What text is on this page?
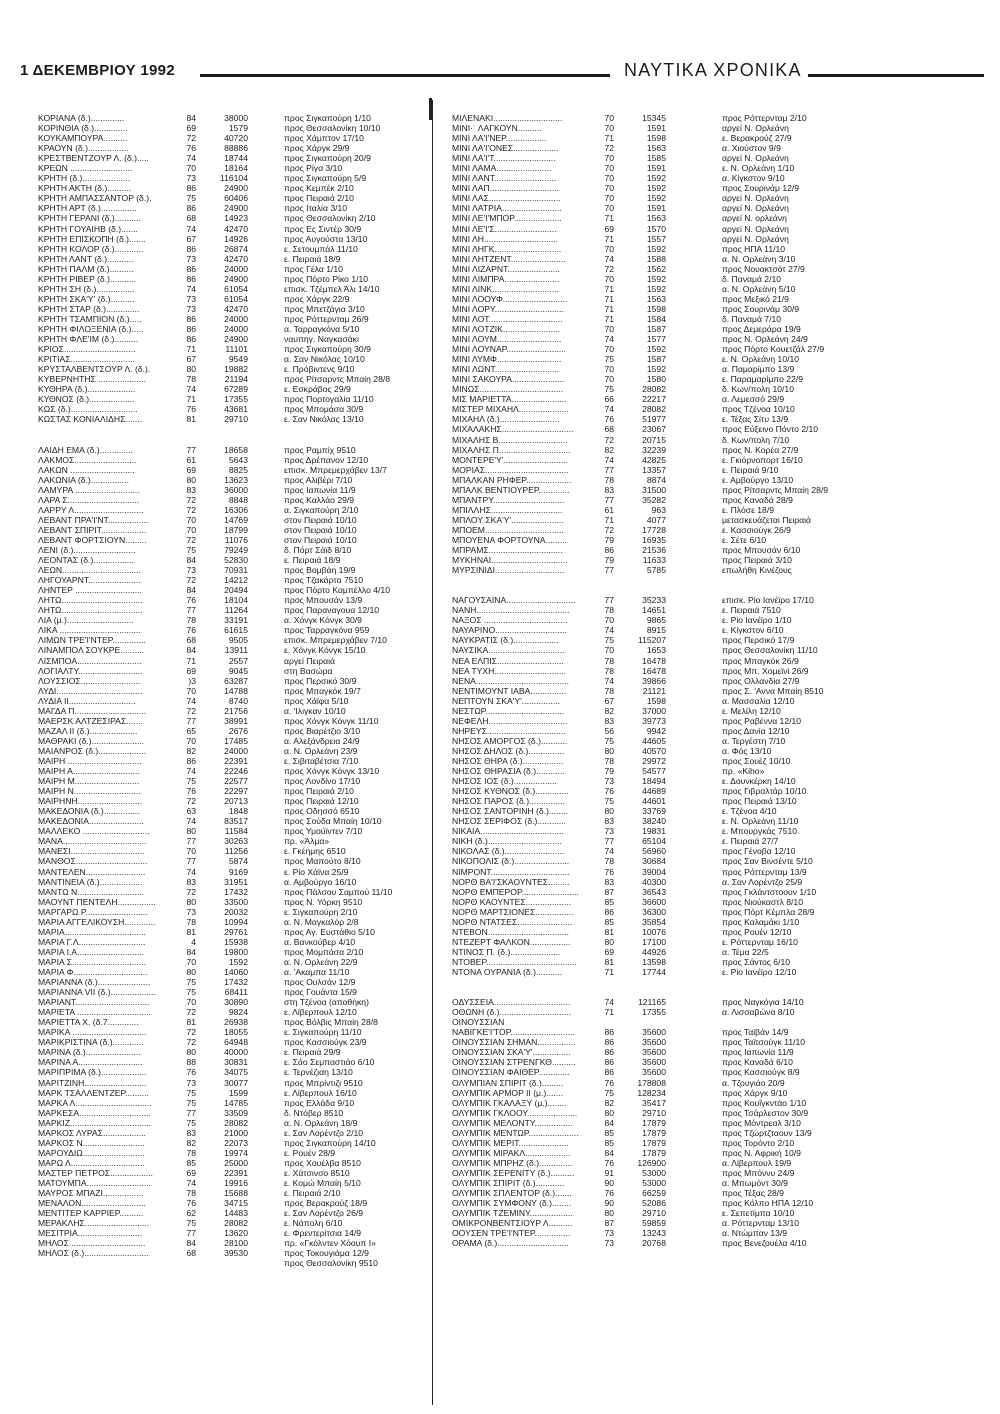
1 ΔΕΚΕΜΒΡΙΟΥ 1992	ΝΑΥΤΙΚΑ ΧΡΟΝΙΚΑ
ΚΟΡΙΑΝΑ (δ.)..............	84	38000	προς Σιγκαπούρη 1/10
ΚΟΡΙΝΘΙΑ (δ.)..............	69	1579	προς Θεσσαλονίκη 10/10
ΚΟΥΚΑΜΠΟΥΡΑ..........	72	40720	προς Χάμπτον 17/10
ΚΡΑΟΥΝ (δ.).................	76	88886	προς Χάργκ 29/9
ΚΡΕΣΤΒΕΝΤΖΟΥΡ Λ. (δ.).....	74	18744	προς Σιγκαπούρη 20/9
ΚΡΕΩΝ ..........................	70	18164	προς Ρίγα 3/10
ΚΡΗΤΗ (δ.)....................	73	116104	προς Σιγκαπούρη 5/9
ΚΡΗΤΗ ΑΚΤΗ (δ.)..........	86	24900	προς Κεμπέκ 2/10
ΚΡΗΤΗ ΑΜΠΑΣΣΑΝΤΟΡ (δ.).	75	60406	προς Πειραιά 2/10
ΚΡΗΤΗ ΑΡΤ (δ.)...............	86	24900	προς Ιταλία 3/10
ΚΡΗΤΗ ΓΕΡΑΝΙ (δ.)...........	68	14923	προς Θεσσαλονίκη 2/10
ΚΡΗΤΗ ΓΟΥΑΙΗΒ (δ.).......	74	42470	προς Ες Σιντέρ 30/9
ΚΡΗΤΗ ΕΠΙΣΚΟΠΗ (δ.).......	67	14926	προς Αυγούστα 13/10
ΚΡΗΤΗ ΚΟΛΟΡ (δ.)............	86	26874	ε. Σετουμπάλ 11/10
ΚΡΗΤΗ ΛΑΝΤ (δ.)...........	73	42470	ε. Πειραιά 18/9
ΚΡΗΤΗ ΠΑΛΜ (δ.)..........	86	24000	προς Γέλα 1/10
ΚΡΗΤΗ ΡΙΒΕΡ (δ.)...........	86	24900	προς Πόρτο Ρίκο 1/10
ΚΡΗΤΗ ΣΗ (δ.)................	74	61054	επισκ. Τζέμπελ Άλι 14/10
ΚΡΗΤΗ ΣΚΑ'Υ' (δ.)..........	73	61054	προς Χάργκ 22/9
ΚΡΗΤΗ ΣΤΑΡ (δ.)..............	73	42470	προς Μπετζάγια 3/10
ΚΡΗΤΗ ΤΣΑΜΠΙΟΝ (δ.).....	86	24000	προς Ρόττερνταμ 26/9
ΚΡΗΤΗ ΦΙΛΟΞΕΝΙΑ (δ.).....	86	24000	α. Ταρραγκόνα 5/10
ΚΡΗΤΗ ΦΛΕ'ΙΜ (δ.)..........	86	24900	ναυπηγ. Ναγκασάκι
ΚΡΙΟΣ..............................	71	11101	προς Σιγκαπούρη 30/9
ΚΡΙΤΙΑΣ...........................	67	9549	α. Σαν Νικόλας 10/10
ΚΡΥΣΤΑΛΒΕΝΤΣΟΥΡ Λ. (δ.).	80	19882	ε. Πρόβιντενς 9/10
ΚΥΒΕΡΝΗΤΗΣ ....................	78	21194	προς Ρίτσαρντς Μπαίη 28/8
ΚΥΘΗΡΑ (δ.)....................	74	67289	ε. Εσκράβος 29/9
ΚΥΘΝΟΣ (δ.)...................	71	17355	προς Πορτογαλία 11/10
ΚΩΣ (δ.)............................	76	43681	προς Μπομάσα 30/9
ΚΩΣΤΑΣ ΚΟΝΙΑΛΙΔΗΣ.......	81	29710	ε. Σαν Νικόλας 13/10
ΛΑΙΔΗ ΕΜΑ (δ.)..............	77	18658	προς Ραμπίχ 9510
ΛΑΚΜΟΣ..........................	61	5643	προς Δρέπανον 12/10
ΛΑΚΩΝ ...........................	69	8825	επισκ. Μπρεμερχάβεν 13/7
ΛΑΚΩΝΙΑ (δ.)................	80	13623	προς Αλιβέρι 7/10
ΛΑΜΥΡΑ ...........................	83	36000	προς Ιαπωνία 11/9
ΛΑΡΑ Σ..............................	72	8848	προς Καλλάο 29/9
ΛΑΡΡΥ Λ.............................	72	16306	α. Σιγκαπούρη 2/10
ΛΕΒΑΝΤ ΠΡΑ'Ι'ΝΤ.................	70	14769	στον Πειραιά 10/10
ΛΕΒΑΝΤ ΣΠΙΡΙΤ...................	70	18799	στον Πειραιά 10/10
ΛΕΒΑΝΤ ΦΟΡΤΣΙΟΥΝ.........	72	11076	στον Πειραιά 10/10
ΛΕΝΙ (δ.)..........................	75	79249	δ. Πόρτ Σάϊδ 8/10
ΛΕΟΝΤΑΣ (δ.).................	84	52830	ε. Πειραιά 18/9
ΛΕΩΝ.................................	73	70931	προς Βομβάη 19/9
ΛΗΓΟΥΑΡΝΤ......................	72	14212	προς Τζακάρτα 7510
ΛΗΝΤΕΡ ............................	84	20494	προς Πόρτο Καμπέλλο 4/10
ΛΗΤΩ..................................	76	18104	προς Μπουσάν 13/9
ΛΗΤΩ..................................	77	11264	προς Παραναγουα 12/10
ΛΙΑ (μ.)............................	78	33191	α. Χόνγκ Κόνγκ 30/9
ΛΙΚΑ ..................................	76	61615	προς Ταρραγκόνα 959
ΛΙΜΩΝ ΤΡΕ'Ι'ΝΤΕΡ..............	68	9505	επισκ. Μπρεμερχάβεν 7/10
ΛΙΝΑΜΠΟΛ ΣΟΥΚΡΕ..........	84	13911	ε. Χόνγκ Κόνγκ 15/10
ΛΙΣΜΠΟΑ...........................	71	2557	αργεί Πειραιά
ΛΟΓΙΑΛΤΥ...........................	69	9045	στη Βασώρα
ΛΟΥΣΣΙΟΣ.........................	)3	63287	προς Περσικό 30/9
ΛΥΔΙ....................................	70	14788	προς Μπαγκόκ 19/7
ΛΥΔΙΑ ΙΙ............................	74	8740	προς Χάϊφα 5/10
ΜΑΓΔΑ Π..............................	72	21756	α. 'Ιλιγκαν 10/10
ΜΑΕΡΣΚ ΑΛΤΖΕΣΙΡΑΣ.......	77	38991	προς Χόνγκ Κόνγκ 11/10
ΜΑΖΑΛ ΙΙ (δ.)....................	65	2676	προς Βιαρέτζιο 3/10
ΜΑΘΡΑΚΙ (δ.)......................	70	17485	α. Αλεξάνδρεια 24/9
ΜΑΙΑΝΡΟΣ (δ.)....................	82	24000	α. Ν. Ορλεάνη 23/9
ΜΑΙΡΗ ...............................	86	22391	ε. Σιβιταβέτσια 7/10
ΜΑΙΡΗ Α............................	74	22246	προς Χόνγκ Κόνγκ 13/10
ΜΑΙΡΗ Μ...........................	75	22577	προς Λονδίνο 17/10
ΜΑΙΡΗ Ν............................	76	22297	προς Πειραιά 2/10
ΜΑΙΡΗΝΗ...........................	72	20713	προς Πειραιά 12/10
ΜΑΚΕΔΟΝΙΑ (δ.)...............	63	1848	προς Οδησσό 6510
ΜΑΚΕΔΟΝΙΑ.......................	74	83517	προς Σούδα Μπαίη 10/10
ΜΑΛΛΕΚΟ ............................	80	11584	προς Υμούϊντεν 7/10
ΜΑΝΑ...................................	77	30263	πρ. «Άλμα»
ΜΑΝΕΣΙ...............................	70	11256	ε. Γκέημης 6510
ΜΑΝΘΟΣ..............................	77	5874	προς Μαπούτο 8/10
ΜΑΝΤΕΛΕΝ.........................	74	9169	ε. Ρίο Χάϊνα 25/9
ΜΑΝΤΙΝΕΙΑ (δ.)..................	83	31951	α. Αμβούργο 16/10
ΜΑΝΤΩ Ν............................	72	17432	προς Πάλσου Σαμπού 11/10
ΜΑΟΥΝΤ ΠΕΝΤΕΛΗ................	80	33500	προς Ν. Υόρκη 9510
ΜΑΡΓΑΡΩ Ρ..........................	73	20032	ε. Σιγκαπούρη 2/10
ΜΑΡΙΑ ΑΓΓΕΛΙΚΟΥΣΗ.............	78	10994	α. Ν. Μαγκαλόρ 2/8
ΜΑΡΙΑ..................................	81	29761	προς Αγ. Ευστάθιο 5/10
ΜΑΡΙΑ Γ.Λ............................	4	15938	α. Βανκούβερ 4/10
ΜΑΡΙΑ Ι.Α............................	84	19800	προς Μομπάσα 2/10
ΜΑΡΙΑ Σ...............................	70	1592	α. Ν. Ορλεάνη 22/9
ΜΑΡΙΑ Φ...............................	80	14060	α. 'Ακαμπα 11/10
ΜΑΡΙΑΝΝΑ (δ.)......................	75	17432	προς Ουλσάν 12/9
ΜΑΡΙΑΝΝΑ VII (δ.)...................	75	68411	προς Γουάντα 15/9
ΜΑΡΙΑΝΤ...............................	70	30890	στη Τζένοα (αποθήκη)
ΜΑΡΙΕΤΑ ...............................	72	9824	ε. Λίβερπουλ 12/10
ΜΑΡΙΕΤΤΑ Χ. (δ.7.............	81	26938	προς Βόλβις Μπαίη 28/8
ΜΑΡΙΚΑ ...............................	72	18055	ε. Σιγκαπούρη 11/10
ΜΑΡΙΚΡΙΣΤΙΝΑ (δ.).............	72	64948	προς Κασσιούγκ 23/9
ΜΑΡΙΝΑ (δ.).......................	80	40000	ε. Πειραιά 29/9
ΜΑΡΙΝΑ Α...........................	88	30831	ε. Σάο Σεμπαστιάο 6/10
ΜΑΡΙΠΡΙΜΑ (δ.)...................	76	34075	ε. Τερνέζιαη 13/10
ΜΑΡΙΤΖΙΝΗ..........................	73	30077	προς Μπρίντιζι 9510
ΜΑΡΚ ΤΣΑΛΛΕΝΤΖΕΡ..........	75	1599	ε. Λίβερπουλ 16/10
ΜΑΡΚΑ Λ................................	75	14785	προς Ελλάδα 9/10
ΜΑΡΚΕΣΑ..............................	77	33509	δ. Ντόβερ 8510
ΜΑΡΚΙΖ..................................	75	28082	α. Ν. Ορλεάνη 18/9
ΜΑΡΚΟΣ ΛΥΡΑΣ..................	83	21000	ε. Σαν Λορέντζο 2/10
ΜΑΡΚΟΣ Ν..........................	82	22073	προς Σιγκαπούρη 14/10
ΜΑΡΟΥΔΙΩ..........................	78	19974	ε. Ρουέν 28/9
ΜΑΡΩ Λ...............................	85	25000	προς Χουέλβα 8510
ΜΑΣΤΕΡ ΠΕΤΡΟΣ..................	69	22391	ε. Χάτσινσο 8510
ΜΑΤΟΥΜΠΑ...........................	74	19916	ε. Κομώ Μπαίη 5/10
ΜΑΥΡΟΣ ΜΠΑΖΙ.................	78	15688	ε. Πειραιά 2/10
ΜΕΝΑΛΟΝ...........................	76	34715	προς Βερακρούζ 18/9
ΜΕΝΤΙΤΕΡ ΚΑΡΡΙΕΡ..........	62	14483	ε. Σαν Λορέντζο 26/9
ΜΕΡΑΚΛΗΣ...........................	75	28082	ε. Νάπολη 6/10
ΜΕΣΙΤΡΙΑ...........................	77	13620	ε. Φρεντερίτσια 14/9
ΜΗΛΟΣ ...............................	84	28100	πρ. «Γκόλντεν Χόουπ Ι»
ΜΗΛΟΣ (δ.)...........................	68	39530	προς Τοκουγιάμα 12/9
προς Θεσσαλονίκη 9510
ΜΙΛΕΝΑΚΙ.............................	70	15345	προς Ρόττερνταμ 2/10
ΜΙΝΙ·˙ ΛΑΓΚΟΥΝ..........	70	1591	αργεί Ν. Ορλεάνη
ΜΙΝΙ ΛΑ'Ι'ΝΕΡ.................	71	1598	ε. Βερακρούζ 27/9
ΜΙΝΙ ΛΑ'Ι'ΟΝΕΣ...................	72	1563	α. Χιούστον 9/9
ΜΙΝΙ ΛΑ'Ι'Τ..........................	70	1585	αργεί Ν. Ορλεάνη
ΜΙΝΙ ΛΑΜΑ.......................	70	1591	ε. Ν. Ορλεάνη 1/10
ΜΙΝΙ ΛΑΝΤ..........................	70	1592	α. Κίγκστον 9/10
ΜΙΝΙ ΛΑΠ.............................	70	1592	προς Σουρινάμ 12/9
ΜΙΝΙ ΛΑΣ..............................	70	1592	αργεί Ν. Ορλεάνη
ΜΙΝΙ ΛΑΤΡΙΑ.........................	70	1591	αργεί Ν. Ορλεάνη
ΜΙΝΙ ΛΕ'Ι'ΜΠΟΡ....................	71	1563	αργεί Ν. ορλεάνη
ΜΙΝΙ ΛΕ'Ι'Σ..........................	69	1570	αργεί Ν. Ορλεάνη
ΜΙΝΙ ΛΗ...............................	71	1557	αργεί Ν. Ορλεάνη
ΜΙΝΙ ΛΗΓΚ............................	70	1592	προς ΗΠΑ 11/10
ΜΙΝΙ ΛΗΤΖΕΝΤ.......................	74	1588	α. Ν. Ορλεάνη 3/10
ΜΙΝΙ ΛΙΖΑΡΝΤ......................	72	1562	προς Νουακτσότ 27/9
ΜΙΝΙ ΛΙΜΠΡΑ.......................	70	1592	δ. Παναμά 2/10
ΜΙΝΙ ΛΙΝΚ............................	71	1592	α. Ν. Ορλεάνη 5/10
ΜΙΝΙ ΛΟΟΥΦ...........................	71	1563	προς Μεξικό 21/9
ΜΙΝΙ ΛΟΡΥ.............................	71	1598	προς Σουρινάμ 30/9
ΜΙΝΙ ΛΟΤ...............................	71	1584	δ. Παναμά 7/10
ΜΙΝΙ ΛΟΤΖΙΚ........................	70	1587	προς Δεμεράρα 19/9
ΜΙΝΙ ΛΟΥΜ...........................	74	1577	προς Ν. Ορλεάνη 24/9
ΜΙΝΙ ΛΟΥΝΑΡ.........................	70	1592	προς Πόρτο Κουετζάλ 27/9
ΜΙΝΙ ΛΥΜΦ...........................	75	1587	ε. Ν. Ορλεάνη 10/10
ΜΙΝΙ ΛΩΝΤ...........................	70	1592	α. Παμαρίμπο 13/9
ΜΙΝΙ ΣΑΚΟΥΡΑ......................	70	1580	ε. Παραμαρίμπο 22/9
ΜΙΝΩΣ...................................	75	28082	δ. Κων/πολη 10/10
ΜΙΣ ΜΑΡΙΕΤΤΑ.......................	66	22217	α. Λεμεσσό 29/9
ΜΙΣΤΕΡ ΜΙΧΑΗΛ.....................	74	28082	προς Τζένοα 10/10
ΜΙΧΑΗΛ (δ.).........................	76	51977	ε. Τέξας Σίτυ 13/9
ΜΙΧΑΛΑΚΗΣ..............................	68	23067	προς Εύξεινο Πόντο 2/10
ΜΙΧΑΛΗΣ Β.............................	72	20715	δ. Κων/πολη 7/10
ΜΙΧΑΛΗΣ Π..............................	82	32239	προς Ν. Κορέα 27/9
ΜΟΝΤΕΡΕ'Υ'...........................	74	42825	ε. Γκιόρνοπορτ 16/10
ΜΟΡΙΑΣ...................................	77	13357	ε. Πειραιά 9/10
ΜΠΑΛΚΑΝ ΡΗΦΕΡ...................	78	8874	ε. Αμβούργο 13/10
ΜΠΑΛΚ ΒΕΝΤΙΟΥΡΕΡ.............	83	31500	προς Ρίτσαρντς Μπαίη 28/9
ΜΠΑΝΤΡΥ..............................	77	35282	προς Καναδά 28/9
ΜΠΙΛΛΗΣ..............................	61	963	ε. Πλόσε 18/9
ΜΠΛΟΥ ΣΚΑ'Υ'......................	71	4077	μετασκευάζεται Πειραιά
ΜΠΟΕΜ.................................	72	17728	ε. Κασσιούγκ 26/9
ΜΠΟΥΕΝΑ ΦΟΡΤΟΥΝΑ.........	79	16935	ε. Σέτε 6/10
ΜΠΡΑΜΣ...............................	86	21536	προς Μπουσάν 6/10
ΜΥΚΗΝΑΙ................................	79	11633	προς Πειραιά 3/10
ΜΥΡΣΙΝΙΔΙ.............................	77	5785	επωλήθη Κινέζους
ΝΑΓΟΥΣΑΙΝΑ.............................	77	35233	επισκ. Ρίο Ιανέϊρο 17/10
ΝΑΝΗ.......................................	78	14651	ε. Πειραιά 7510
ΝΑΞΟΣ ...................................	70	9865	ε. Ρίο Ιανέϊρο 1/10
ΝΑΥΑΡΙΝΟ..............................	74	8915	ε. Κίγκστον 6/10
ΝΑΥΚΡΑΤΙΣ (δ.)...................	75	115207	προς Περσικό 17/9
ΝΑΥΣΙΚΑ................................	70	1653	προς Θεσσαλονίκη 11/10
ΝΕΑ ΕΛΠΙΣ............................	78	16478	προς Μπαγκόκ 26/9
ΝΕΑ ΤΥΧΗ..............................	78	16478	προς Μπ. Χομεϊνί 26/9
ΝΕΝΑ.......................................	74	39866	προς Ολλανδία 27/9
ΝΕΝΤΙΜΟΥΝΤ ΙΑΒΑ...............	78	21121	προς Σ. 'Αννα Μπαίη 8510
ΝΕΠΤΟΥΝ ΣΚΑ'Υ'................	67	1598	α. Μασσαλία 12/10
ΝΕΣΤΩΡ.................................	82	37000	ε. Μελίλη 12/10
ΝΕΦΕΛΗ.................................	83	39773	προς Ραβέννα 12/10
ΝΗΡΕΥΣ.................................	56	9942	προς Δανία 12/10
ΝΗΣΟΣ ΑΜΟΡΓΟΣ (δ.)...........	75	44605	α. Τεργέστη 7/10
ΝΗΣΟΣ ΔΗΛΟΣ (δ.)...............	80	40570	α. Φός 13/10
ΝΗΣΟΣ ΘΗΡΑ (δ.).................	78	29972	προς Σουέζ 10/10
ΝΗΣΟΣ ΘΗΡΑΣΙΑ (δ.)............	79	54577	πρ. «Κiho»
ΝΗΣΟΣ ΙΟΣ (δ.)..................	73	18494	ε. Δουνκέρκη 14/10
ΝΗΣΟΣ ΚΥΘΝΟΣ (δ.)..............	76	44689	προς Γιβραλτάρ 10/10
ΝΗΣΟΣ ΠΑΡΟΣ (δ.)...............	75	44601	προς Πειραιά 13/10
ΝΗΣΟΣ ΣΑΝΤΟΡΙΝΗ (δ.)........	80	33769	ε. Τζένοα 4/10
ΝΗΣΟΣ ΣΕΡΙΦΟΣ (δ.)............	83	38240	ε. Ν. Ορλεάνη 11/10
ΝΙΚΑΙΑ...................................	73	19831	ε. Μπουργκάς 7510
ΝΙΚΗ (δ.)...............................	77	65104	ε. Πειραιά 27/7
ΝΙΚΟΛΑΣ (δ.).........................	74	56960	προς Γένοβα 12/10
ΝΙΚΟΠΟΛΙΣ (δ.).......................	78	30684	προς Σαν Βινσέντε 5/10
ΝΙΜΡΟΝΤ.................................	76	39004	προς Ρόττερνταμ 13/9
ΝΟΡΘ ΒΑ'Ι'ΣΚΑΟΥΝΤΕΣ.........	83	40300	α. Σαν Λορέντζο 25/9
ΝΟΡΘ ΕΜΠΕΡΟΡ........................	87	36543	προς Γκλάντστοουν 1/10
ΝΟΡΘ ΚΑΟΥΝΤΕΣ...................	85	36600	προς Νιούκαστλ 8/10
ΝΟΡΘ ΜΑΡΤΣΙΟΝΕΣ................	86	36300	προς Πόρτ Κέμπλα 28/9
ΝΟΡΘ ΝΤΑΤΣΕΣ.......................	85	35854	προς Καλαμάκι 1/10
ΝΤΕΒΟΝ..................................	81	10076	προς Ρουέν 12/10
ΝΤΕΖΕΡΤ ΦΑΛΚΟΝ.................	80	17100	ε. Ρόττερνταμ 16/10
ΝΤΙΝΟΣ Π. (δ.).....................	69	44926	α. Τέμα 22/5
ΝΤΟΒΕΡ......................................	81	13598	προς Σάντος 6/10
ΝΤΟΝΑ ΟΥΡΑΝΙΑ (δ.)...........	71	17744	ε. Ρίο Ιανέϊρο 12/10
ΟΔΥΣΣΕΙΑ................................	74	121165	προς Ναγκόγια 14/10
ΟΘΩΝΗ (δ.)..............................	71	17355	α. Λισσαβώνα 8/10
ΟΙΝΟΥΣΣΙΑΝ
ΝΑΒΙΓΚΕ'Ι'ΤΟΡ...........................	86	35600	προς Ταϊβάν 14/9
ΟΙΝΟΥΣΣΙΑΝ ΣΗΜΑΝ................	86	35600	προς Ταϊτσούγκ 11/10
ΟΙΝΟΥΣΣΙΑΝ ΣΚΑ'Υ'................	86	35600	προς Ιαπωνία 11/9
ΟΙΝΟΥΣΣΙΑΝ ΣΤΡΕΝΓΚΘ..........	86	35600	προς Καναδά 6/10
ΟΙΝΟΥΣΣΙΑΝ ΦΑΙΘΕΡ.............	86	35600	προς Κασσιούγκ 8/9
ΟΛΥΜΠΙΑΝ ΣΠΙΡΙΤ (δ.).........	76	178808	α. Τζουγιάο 20/9
ΟΛΥΜΠΙΚ ΑΡΜΟΡ ΙΙ (μ.).......	75	128234	προς Χάργκ 9/10
ΟΛΥΜΠΙΚ ΓΚΑΛΑΞΥ (μ.)........	82	35417	προς Κουΐγκντάο 1/10
ΟΛΥΜΠΙΚ ΓΚΛΟΟΥ.....................	80	29710	προς Τσάρλεστον 30/9
ΟΛΥΜΠΙΚ ΜΕΛΟΝΤΥ................	84	17879	προς Μόντρεαλ 3/10
ΟΛΥΜΠΙΚ ΜΕΝΤΩΡ.....................	85	17879	προς Τζώρτζταουν 13/9
ΟΛΥΜΠΙΚ ΜΕΡΙΤ.....................	85	17879	προς Τορόντο 2/10
ΟΛΥΜΠΙΚ ΜΙΡΑΚΛ...................	84	17879	προς Ν. Αφρική 10/9
ΟΛΥΜΠΙΚ ΜΠΡΗΖ (δ.)..............	76	126900	α. Λίβερπουλ 19/9
ΟΛΥΜΠΙΚ ΣΕΡΕΝΙΤΥ (δ.)..........	91	53000	προς Μπόννυ 24/9
ΟΛΥΜΠΙΚ ΣΠΙΡΙΤ (δ.)............	90	53000	α. Μπωμόντ 30/9
ΟΛΥΜΠΙΚ ΣΠΛΕΝΤΟΡ (δ.).......	76	66259	προς Τέξας 28/9
ΟΛΥΜΠΙΚ ΣΥΜΦΟΝΥ (δ.)........	90	52086	προς Κόλπο ΗΠΑ 12/10
ΟΛΥΜΠΙΚ ΤΖΕΜΙΝΥ..................	80	29710	ε. Σεπετίμπα 10/10
ΟΜΙΚΡΟΝΒΕΝΤΣΙΟΥΡ Λ..........	87	59859	α. Ρόττερνταμ 13/10
ΟΟΥΣΕΝ ΤΡΕ'Ι'ΝΤΕΡ...............	73	13243	α. Ντώμπαν 13/9
ΟΡΑΜΑ (δ.)..............................	73	20768	προς Βενεζουέλα 4/10
